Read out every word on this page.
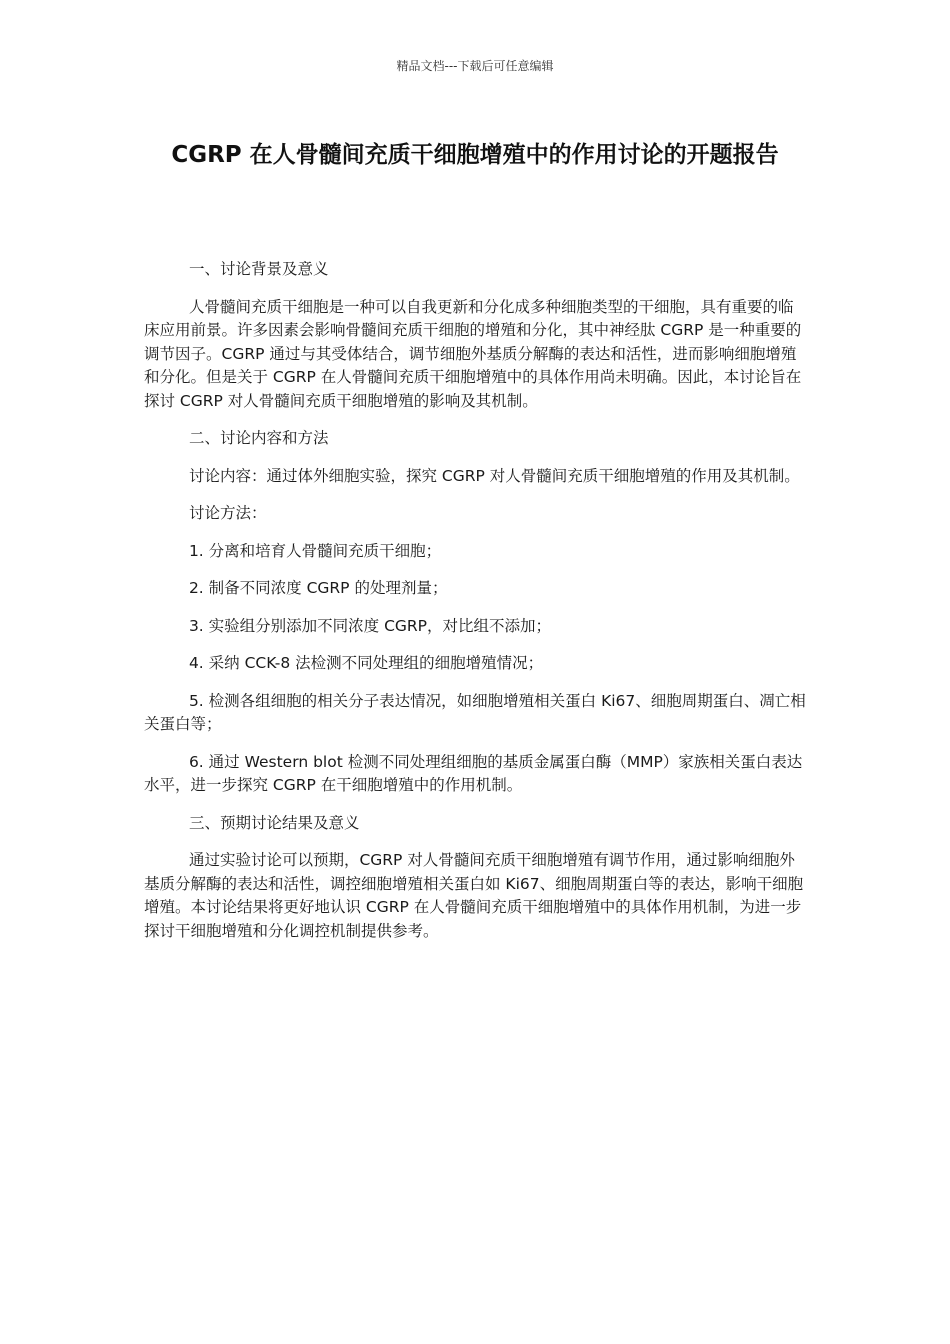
精品文档---下载后可任意编辑
CGRP 在人骨髓间充质干细胞增殖中的作用讨论的开题报告

一、讨论背景及意义

人骨髓间充质干细胞是一种可以自我更新和分化成多种细胞类型的干细胞，具有重要的临床应用前景。许多因素会影响骨髓间充质干细胞的增殖和分化，其中神经肽 CGRP 是一种重要的调节因子。CGRP 通过与其受体结合，调节细胞外基质分解酶的表达和活性，进而影响细胞增殖和分化。但是关于 CGRP 在人骨髓间充质干细胞增殖中的具体作用尚未明确。因此，本讨论旨在探讨 CGRP 对人骨髓间充质干细胞增殖的影响及其机制。

二、讨论内容和方法

讨论内容：通过体外细胞实验，探究 CGRP 对人骨髓间充质干细胞增殖的作用及其机制。

讨论方法：

1. 分离和培育人骨髓间充质干细胞；

2. 制备不同浓度 CGRP 的处理剂量；

3. 实验组分别添加不同浓度 CGRP，对比组不添加；

4. 采纳 CCK-8 法检测不同处理组的细胞增殖情况；

5. 检测各组细胞的相关分子表达情况，如细胞增殖相关蛋白 Ki67、细胞周期蛋白、凋亡相关蛋白等；

6. 通过 Western blot 检测不同处理组细胞的基质金属蛋白酶（MMP）家族相关蛋白表达水平，进一步探究 CGRP 在干细胞增殖中的作用机制。

三、预期讨论结果及意义

通过实验讨论可以预期，CGRP 对人骨髓间充质干细胞增殖有调节作用，通过影响细胞外基质分解酶的表达和活性，调控细胞增殖相关蛋白如 Ki67、细胞周期蛋白等的表达，影响干细胞增殖。本讨论结果将更好地认识 CGRP 在人骨髓间充质干细胞增殖中的具体作用机制，为进一步探讨干细胞增殖和分化调控机制提供参考。
